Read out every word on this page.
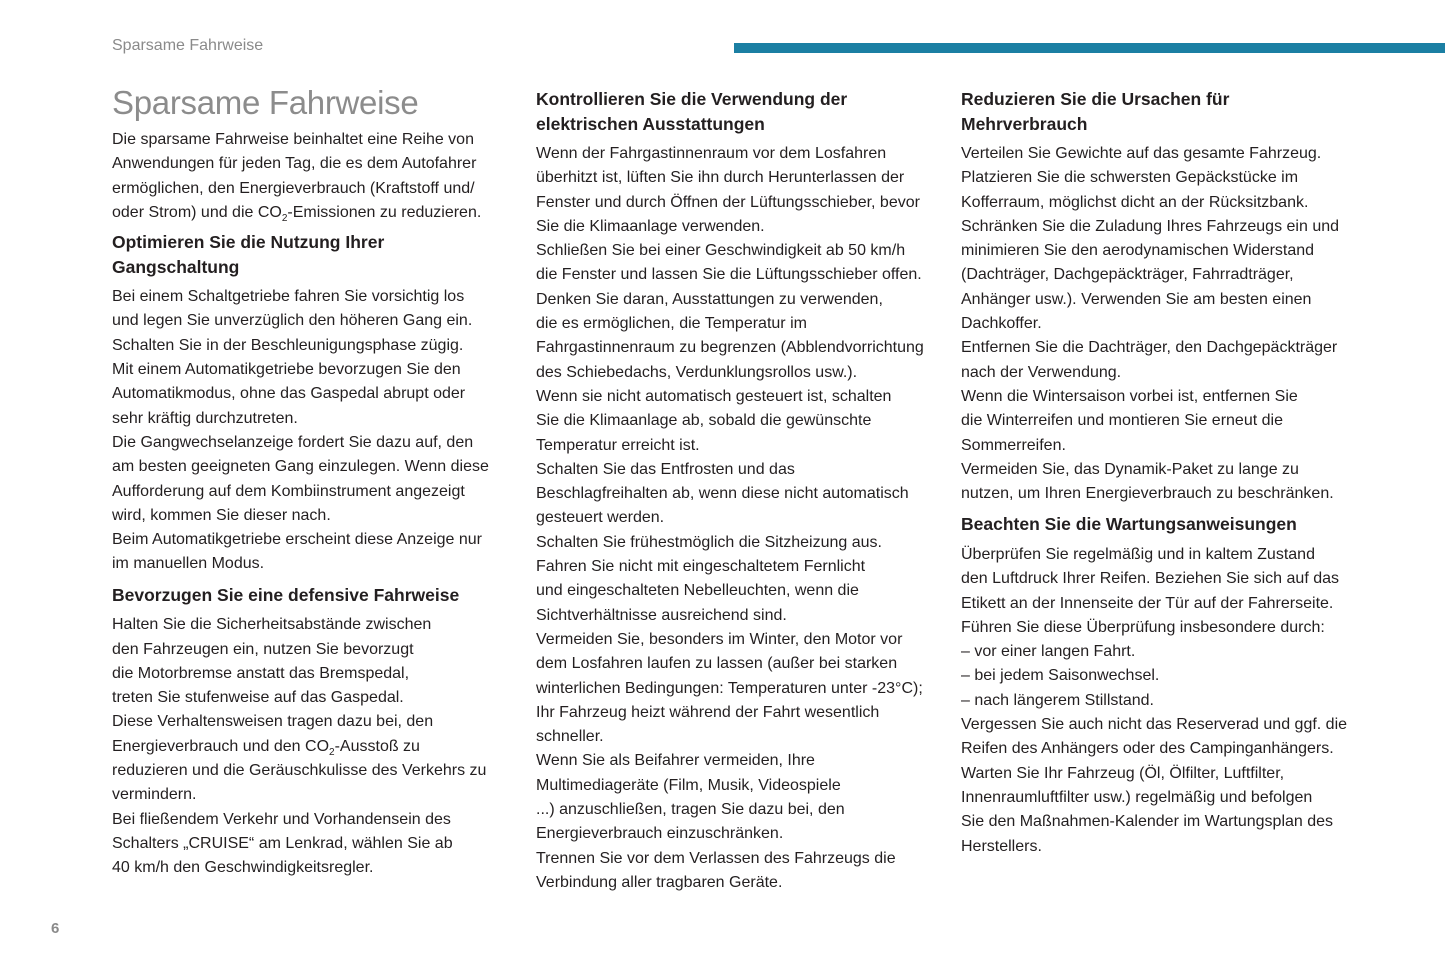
Sparsame Fahrweise
Sparsame Fahrweise

Die sparsame Fahrweise beinhaltet eine Reihe von

Anwendungen für jeden Tag, die es dem Autofahrer

ermöglichen, den Energieverbrauch (Kraftstoff und/

oder Strom) und die $CO_2$-Emissionen zu reduzieren.

Optimieren Sie die Nutzung Ihrer
Gangschaltung

Bei einem Schaltgetriebe fahren Sie vorsichtig los

und legen Sie unverzüglich den höheren Gang ein.

Schalten Sie in der Beschleunigungsphase zügig.

Mit einem Automatikgetriebe bevorzugen Sie den

Automatikmodus, ohne das Gaspedal abrupt oder

sehr kräftig durchzutreten.

Die Gangwechselanzeige fordert Sie dazu auf, den

am besten geeigneten Gang einzulegen. Wenn diese

Aufforderung auf dem Kombiinstrument angezeigt

wird, kommen Sie dieser nach.

Beim Automatikgetriebe erscheint diese Anzeige nur

im manuellen Modus.

Bevorzugen Sie eine defensive Fahrweise

Halten Sie die Sicherheitsabstände zwischen

den Fahrzeugen ein, nutzen Sie bevorzugt

die Motorbremse anstatt das Bremspedal,

treten Sie stufenweise auf das Gaspedal.

Diese Verhaltensweisen tragen dazu bei, den

Energieverbrauch und den $CO_2$-Ausstoß zu

reduzieren und die Geräuschkulisse des Verkehrs zu

vermindern.

Bei fließendem Verkehr und Vorhandensein des

Schalters „CRUISE“ am Lenkrad, wählen Sie ab

40 km/h den Geschwindigkeitsregler.

Kontrollieren Sie die Verwendung der
elektrischen Ausstattungen

Wenn der Fahrgastinnenraum vor dem Losfahren

überhitzt ist, lüften Sie ihn durch Herunterlassen der

Fenster und durch Öffnen der Lüftungsschieber, bevor

Sie die Klimaanlage verwenden.

Schließen Sie bei einer Geschwindigkeit ab 50 km/h

die Fenster und lassen Sie die Lüftungsschieber offen.

Denken Sie daran, Ausstattungen zu verwenden,

die es ermöglichen, die Temperatur im

Fahrgastinnenraum zu begrenzen (Abblendvorrichtung

des Schiebedachs, Verdunklungsrollos usw.).

Wenn sie nicht automatisch gesteuert ist, schalten

Sie die Klimaanlage ab, sobald die gewünschte

Temperatur erreicht ist.

Schalten Sie das Entfrosten und das

Beschlagfreihalten ab, wenn diese nicht automatisch

gesteuert werden.

Schalten Sie frühestmöglich die Sitzheizung aus.

Fahren Sie nicht mit eingeschaltetem Fernlicht

und eingeschalteten Nebelleuchten, wenn die

Sichtverhältnisse ausreichend sind.

Vermeiden Sie, besonders im Winter, den Motor vor

dem Losfahren laufen zu lassen (außer bei starken

winterlichen Bedingungen: Temperaturen unter -23°C);

Ihr Fahrzeug heizt während der Fahrt wesentlich

schneller.

Wenn Sie als Beifahrer vermeiden, Ihre

Multimediageräte (Film, Musik, Videospiele

...) anzuschließen, tragen Sie dazu bei, den

Energieverbrauch einzuschränken.

Trennen Sie vor dem Verlassen des Fahrzeugs die

Verbindung aller tragbaren Geräte.

Reduzieren Sie die Ursachen für
Mehrverbrauch

Verteilen Sie Gewichte auf das gesamte Fahrzeug.

Platzieren Sie die schwersten Gepäckstücke im

Kofferraum, möglichst dicht an der Rücksitzbank.

Schränken Sie die Zuladung Ihres Fahrzeugs ein und

minimieren Sie den aerodynamischen Widerstand

(Dachträger, Dachgepäckträger, Fahrradträger,

Anhänger usw.). Verwenden Sie am besten einen

Dachkoffer.

Entfernen Sie die Dachträger, den Dachgepäckträger

nach der Verwendung.

Wenn die Wintersaison vorbei ist, entfernen Sie

die Winterreifen und montieren Sie erneut die

Sommerreifen.

Vermeiden Sie, das Dynamik-Paket zu lange zu

nutzen, um Ihren Energieverbrauch zu beschränken.

Beachten Sie die Wartungsanweisungen

Überprüfen Sie regelmäßig und in kaltem Zustand

den Luftdruck Ihrer Reifen. Beziehen Sie sich auf das

Etikett an der Innenseite der Tür auf der Fahrerseite.

Führen Sie diese Überprüfung insbesondere durch:

– vor einer langen Fahrt.

– bei jedem Saisonwechsel.

– nach längerem Stillstand.

Vergessen Sie auch nicht das Reserverad und ggf. die

Reifen des Anhängers oder des Campinganhängers.

Warten Sie Ihr Fahrzeug (Öl, Ölfilter, Luftfilter,

Innenraumluftfilter usw.) regelmäßig und befolgen

Sie den Maßnahmen-Kalender im Wartungsplan des

Herstellers.

6
